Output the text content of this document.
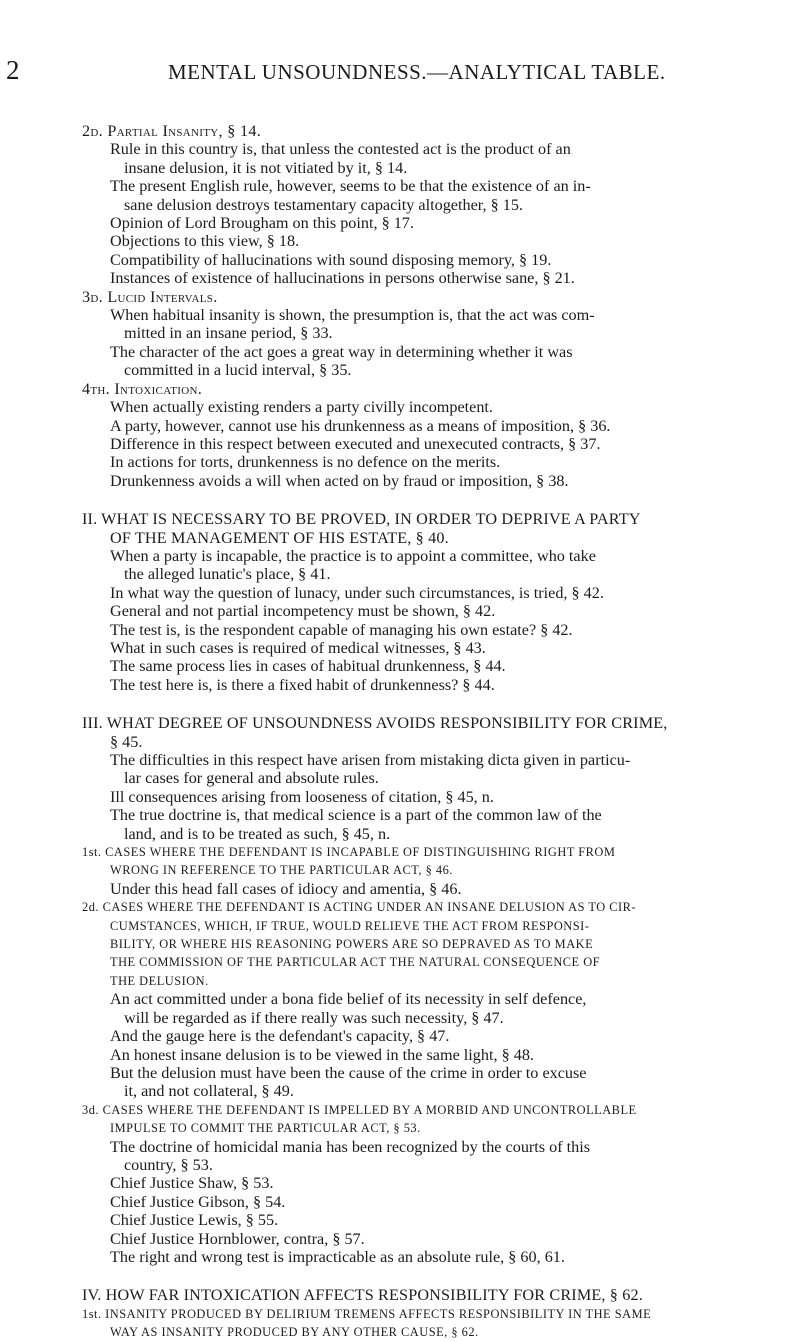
2	MENTAL UNSOUNDNESS.—ANALYTICAL TABLE.
2d. Partial Insanity, § 14.
Rule in this country is, that unless the contested act is the product of an
insane delusion, it is not vitiated by it, § 14.
The present English rule, however, seems to be that the existence of an in-
sane delusion destroys testamentary capacity altogether, § 15.
Opinion of Lord Brougham on this point, § 17.
Objections to this view, § 18.
Compatibility of hallucinations with sound disposing memory, § 19.
Instances of existence of hallucinations in persons otherwise sane, § 21.
3d. Lucid Intervals.
When habitual insanity is shown, the presumption is, that the act was com-
mitted in an insane period, § 33.
The character of the act goes a great way in determining whether it was
committed in a lucid interval, § 35.
4th. Intoxication.
When actually existing renders a party civilly incompetent.
A party, however, cannot use his drunkenness as a means of imposition, § 36.
Difference in this respect between executed and unexecuted contracts, § 37.
In actions for torts, drunkenness is no defence on the merits.
Drunkenness avoids a will when acted on by fraud or imposition, § 38.
II. WHAT IS NECESSARY TO BE PROVED, IN ORDER TO DEPRIVE A PARTY
OF THE MANAGEMENT OF HIS ESTATE, § 40.
When a party is incapable, the practice is to appoint a committee, who take
the alleged lunatic's place, § 41.
In what way the question of lunacy, under such circumstances, is tried, § 42.
General and not partial incompetency must be shown, § 42.
The test is, is the respondent capable of managing his own estate? § 42.
What in such cases is required of medical witnesses, § 43.
The same process lies in cases of habitual drunkenness, § 44.
The test here is, is there a fixed habit of drunkenness? § 44.
III. WHAT DEGREE OF UNSOUNDNESS AVOIDS RESPONSIBILITY FOR CRIME,
§ 45.
The difficulties in this respect have arisen from mistaking dicta given in particu-
lar cases for general and absolute rules.
Ill consequences arising from looseness of citation, § 45, n.
The true doctrine is, that medical science is a part of the common law of the
land, and is to be treated as such, § 45, n.
1st. CASES WHERE THE DEFENDANT IS INCAPABLE OF DISTINGUISHING RIGHT FROM
WRONG IN REFERENCE TO THE PARTICULAR ACT, § 46.
Under this head fall cases of idiocy and amentia, § 46.
2d. CASES WHERE THE DEFENDANT IS ACTING UNDER AN INSANE DELUSION AS TO CIR-
CUMSTANCES, WHICH, IF TRUE, WOULD RELIEVE THE ACT FROM RESPONSI-
BILITY, OR WHERE HIS REASONING POWERS ARE SO DEPRAVED AS TO MAKE
THE COMMISSION OF THE PARTICULAR ACT THE NATURAL CONSEQUENCE OF
THE DELUSION.
An act committed under a bona fide belief of its necessity in self defence,
will be regarded as if there really was such necessity, § 47.
And the gauge here is the defendant's capacity, § 47.
An honest insane delusion is to be viewed in the same light, § 48.
But the delusion must have been the cause of the crime in order to excuse
it, and not collateral, § 49.
3d. CASES WHERE THE DEFENDANT IS IMPELLED BY A MORBID AND UNCONTROLLABLE
IMPULSE TO COMMIT THE PARTICULAR ACT, § 53.
The doctrine of homicidal mania has been recognized by the courts of this
country, § 53.
Chief Justice Shaw, § 53.
Chief Justice Gibson, § 54.
Chief Justice Lewis, § 55.
Chief Justice Hornblower, contra, § 57.
The right and wrong test is impracticable as an absolute rule, § 60, 61.
IV. HOW FAR INTOXICATION AFFECTS RESPONSIBILITY FOR CRIME, § 62.
1st. INSANITY PRODUCED BY DELIRIUM TREMENS AFFECTS RESPONSIBILITY IN THE SAME
WAY AS INSANITY PRODUCED BY ANY OTHER CAUSE, § 62.
